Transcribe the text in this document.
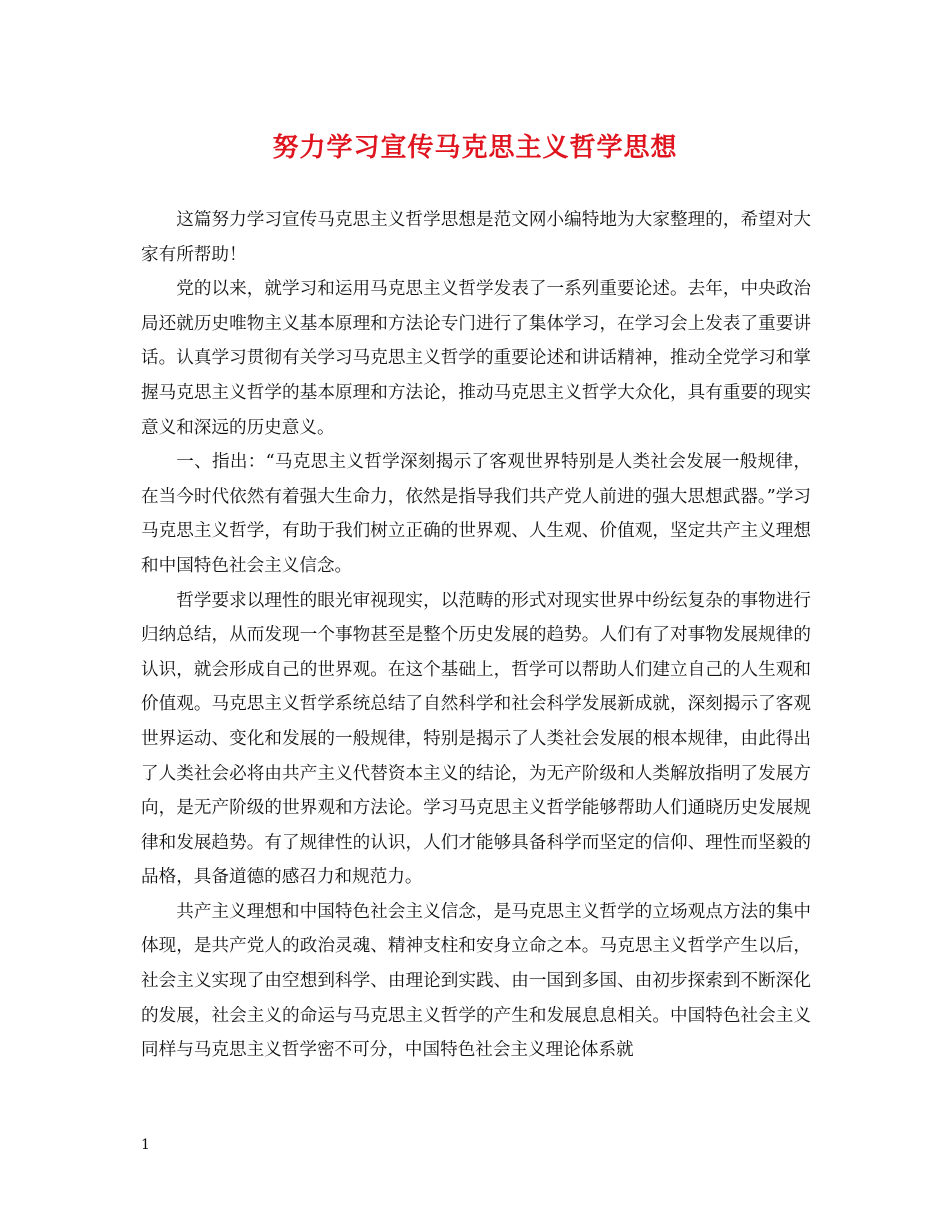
努力学习宣传马克思主义哲学思想

这篇努力学习宣传马克思主义哲学思想是范文网小编特地为大家整理的，希望对大家有所帮助！

党的以来，就学习和运用马克思主义哲学发表了一系列重要论述。去年，中央政治局还就历史唯物主义基本原理和方法论专门进行了集体学习，在学习会上发表了重要讲话。认真学习贯彻有关学习马克思主义哲学的重要论述和讲话精神，推动全党学习和掌握马克思主义哲学的基本原理和方法论，推动马克思主义哲学大众化，具有重要的现实意义和深远的历史意义。

一、指出：“马克思主义哲学深刻揭示了客观世界特别是人类社会发展一般规律，在当今时代依然有着强大生命力，依然是指导我们共产党人前进的强大思想武器。”学习马克思主义哲学，有助于我们树立正确的世界观、人生观、价值观，坚定共产主义理想和中国特色社会主义信念。

哲学要求以理性的眼光审视现实，以范畴的形式对现实世界中纷纭复杂的事物进行归纳总结，从而发现一个事物甚至是整个历史发展的趋势。人们有了对事物发展规律的认识，就会形成自己的世界观。在这个基础上，哲学可以帮助人们建立自己的人生观和价值观。马克思主义哲学系统总结了自然科学和社会科学发展新成就，深刻揭示了客观世界运动、变化和发展的一般规律，特别是揭示了人类社会发展的根本规律，由此得出了人类社会必将由共产主义代替资本主义的结论，为无产阶级和人类解放指明了发展方向，是无产阶级的世界观和方法论。学习马克思主义哲学能够帮助人们通晓历史发展规律和发展趋势。有了规律性的认识，人们才能够具备科学而坚定的信仰、理性而坚毅的品格，具备道德的感召力和规范力。

共产主义理想和中国特色社会主义信念，是马克思主义哲学的立场观点方法的集中体现，是共产党人的政治灵魂、精神支柱和安身立命之本。马克思主义哲学产生以后，社会主义实现了由空想到科学、由理论到实践、由一国到多国、由初步探索到不断深化的发展，社会主义的命运与马克思主义哲学的产生和发展息息相关。中国特色社会主义同样与马克思主义哲学密不可分，中国特色社会主义理论体系就

1
